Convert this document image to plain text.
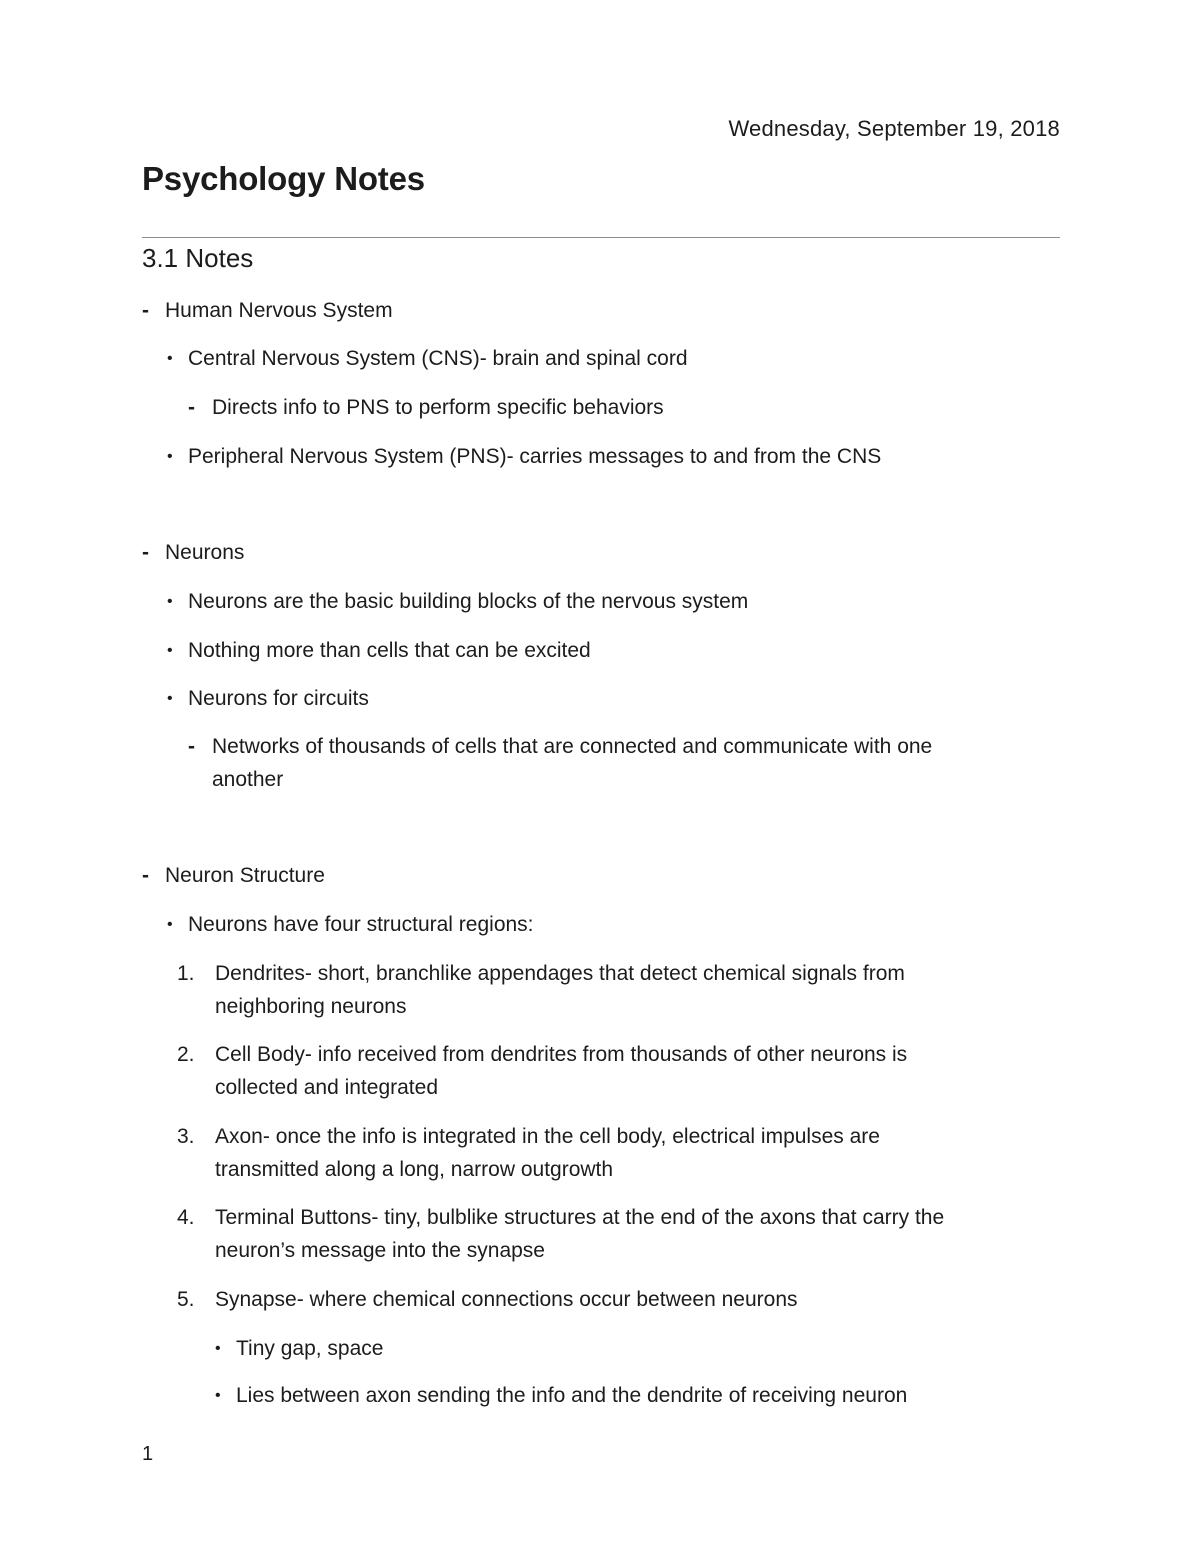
Wednesday, September 19, 2018
Psychology Notes
3.1 Notes
- Human Nervous System
• Central Nervous System (CNS)- brain and spinal cord
- Directs info to PNS to perform specific behaviors
• Peripheral Nervous System (PNS)- carries messages to and from the CNS
- Neurons
• Neurons are the basic building blocks of the nervous system
• Nothing more than cells that can be excited
• Neurons for circuits
- Networks of thousands of cells that are connected and communicate with one
another
- Neuron Structure
• Neurons have four structural regions:
1. Dendrites- short, branchlike appendages that detect chemical signals from
neighboring neurons
2. Cell Body- info received from dendrites from thousands of other neurons is
collected and integrated
3. Axon- once the info is integrated in the cell body, electrical impulses are
transmitted along a long, narrow outgrowth
4. Terminal Buttons- tiny, bulblike structures at the end of the axons that carry the
neuron’s message into the synapse
5. Synapse- where chemical connections occur between neurons
• Tiny gap, space
• Lies between axon sending the info and the dendrite of receiving neuron
1
